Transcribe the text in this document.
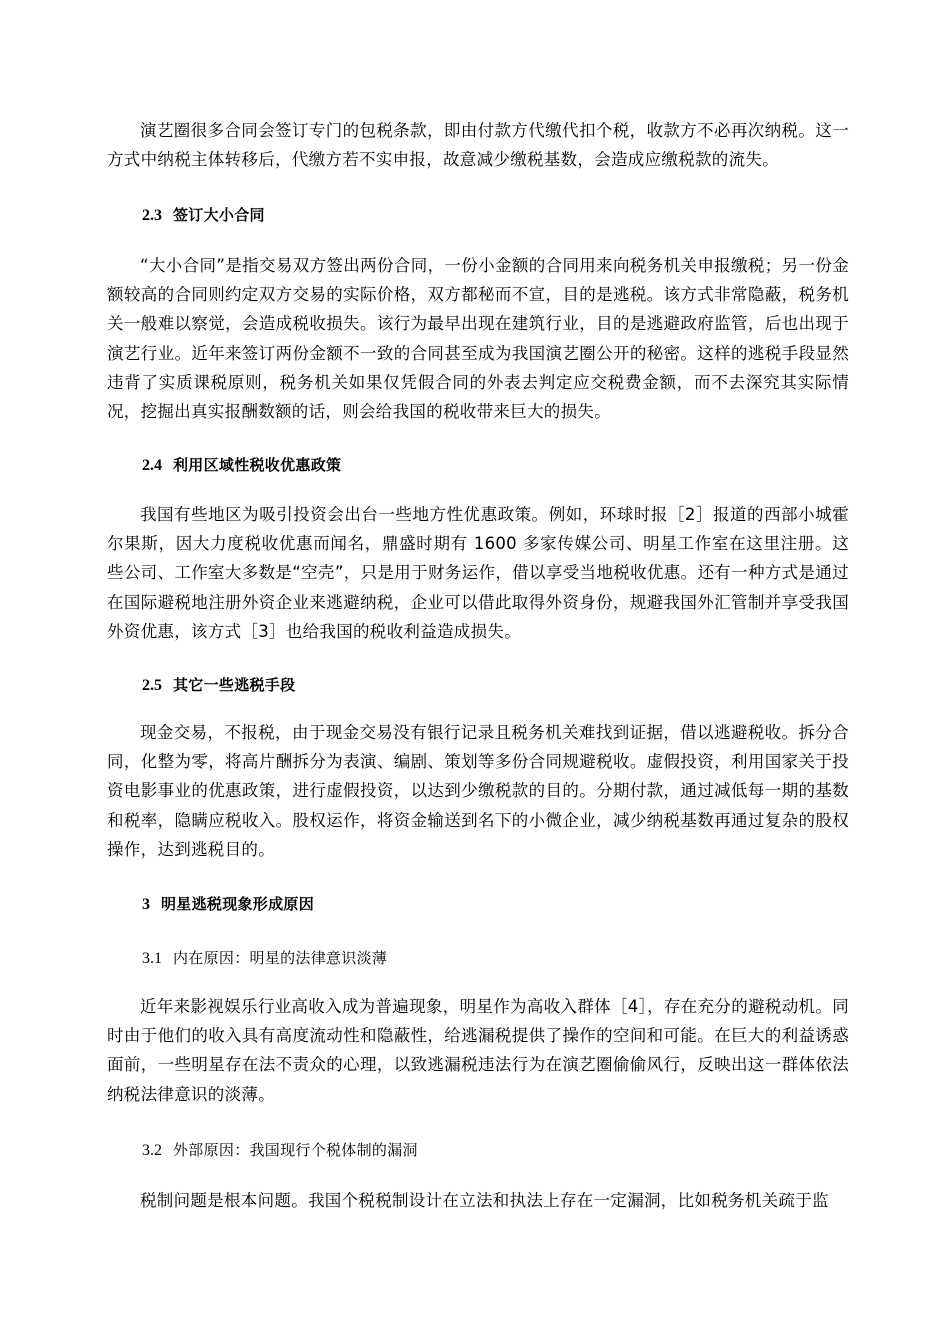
演艺圈很多合同会签订专门的包税条款，即由付款方代缴代扣个税，收款方不必再次纳税。这一方式中纳税主体转移后，代缴方若不实申报，故意减少缴税基数，会造成应缴税款的流失。

2.3 签订大小合同

“大小合同”是指交易双方签出两份合同，一份小金额的合同用来向税务机关申报缴税；另一份金额较高的合同则约定双方交易的实际价格，双方都秘而不宣，目的是逃税。该方式非常隐蔽，税务机关一般难以察觉，会造成税收损失。该行为最早出现在建筑行业，目的是逃避政府监管，后也出现于演艺行业。近年来签订两份金额不一致的合同甚至成为我国演艺圈公开的秘密。这样的逃税手段显然违背了实质课税原则，税务机关如果仅凭假合同的外表去判定应交税费金额，而不去深究其实际情况，挖掘出真实报酬数额的话，则会给我国的税收带来巨大的损失。

2.4 利用区域性税收优惠政策

我国有些地区为吸引投资会出台一些地方性优惠政策。例如，环球时报［2］报道的西部小城霍尔果斯，因大力度税收优惠而闻名，鼎盛时期有 1600 多家传媒公司、明星工作室在这里注册。这些公司、工作室大多数是“空壳”，只是用于财务运作，借以享受当地税收优惠。还有一种方式是通过在国际避税地注册外资企业来逃避纳税，企业可以借此取得外资身份，规避我国外汇管制并享受我国外资优惠，该方式［3］也给我国的税收利益造成损失。

2.5 其它一些逃税手段

现金交易，不报税，由于现金交易没有银行记录且税务机关难找到证据，借以逃避税收。拆分合同，化整为零，将高片酬拆分为表演、编剧、策划等多份合同规避税收。虚假投资，利用国家关于投资电影事业的优惠政策，进行虚假投资，以达到少缴税款的目的。分期付款，通过减低每一期的基数和税率，隐瞒应税收入。股权运作，将资金输送到名下的小微企业，减少纳税基数再通过复杂的股权操作，达到逃税目的。

3 明星逃税现象形成原因

3.1 内在原因：明星的法律意识淡薄

近年来影视娱乐行业高收入成为普遍现象，明星作为高收入群体［4］，存在充分的避税动机。同时由于他们的收入具有高度流动性和隐蔽性，给逃漏税提供了操作的空间和可能。在巨大的利益诱惑面前，一些明星存在法不责众的心理，以致逃漏税违法行为在演艺圈偷偷风行，反映出这一群体依法纳税法律意识的淡薄。

3.2 外部原因：我国现行个税体制的漏洞

税制问题是根本问题。我国个税税制设计在立法和执法上存在一定漏洞，比如税务机关疏于监
